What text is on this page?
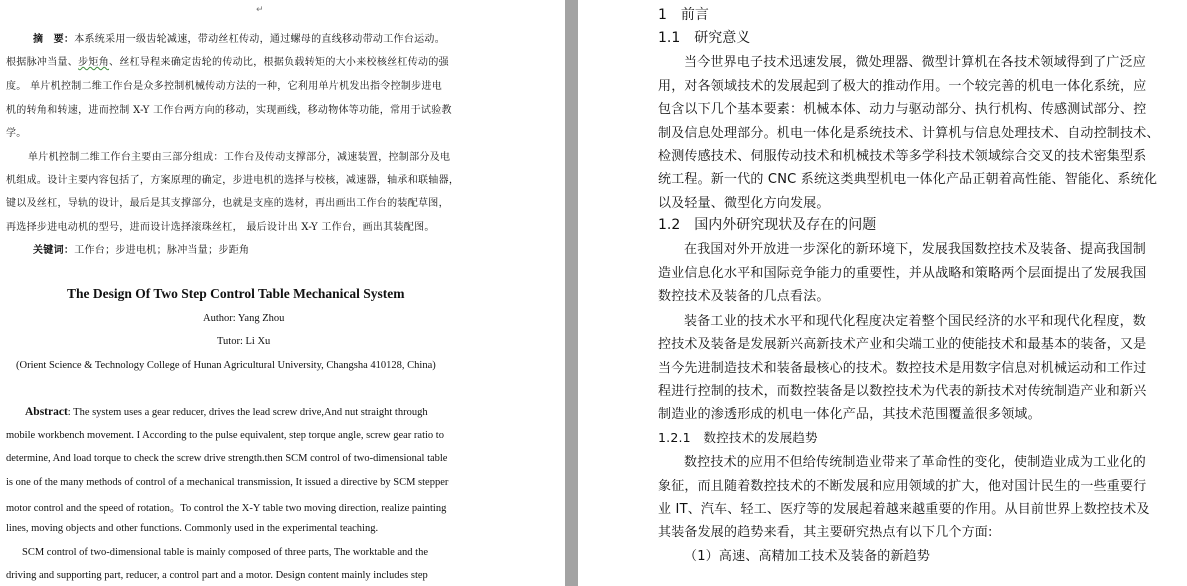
↵
摘　要：本系统采用一级齿轮减速，带动丝杠传动，通过螺母的直线移动带动工作台运动。
根据脉冲当量、步矩角、丝杠导程来确定齿轮的传动比，根据负载转矩的大小来校核丝杠传动的强
度。 单片机控制二维工作台是众多控制机械传动方法的一种，它利用单片机发出指令控制步进电
机的转角和转速，进而控制 X-Y 工作台两方向的移动，实现画线，移动物体等功能，常用于试验教
学。
单片机控制二维工作台主要由三部分组成：工作台及传动支撑部分，减速装置，控制部分及电
机组成。设计主要内容包括了，方案原理的确定，步进电机的选择与校核，减速器，轴承和联轴器，
键以及丝杠，导轨的设计，最后是其支撑部分，也就是支座的选材，再出画出工作台的装配草图，
再选择步进电动机的型号，进而设计选择滚珠丝杠， 最后设计出 X-Y 工作台，画出其装配图。
关键词：工作台；步进电机；脉冲当量；步距角
The Design Of Two Step Control Table Mechanical System
Author: Yang Zhou
Tutor: Li Xu
(Orient Science & Technology College of Hunan Agricultural University, Changsha 410128, China)
Abstract: The system uses a gear reducer, drives the lead screw drive,And nut straight through
mobile workbench movement. I According to the pulse equivalent, step torque angle, screw gear ratio to
determine, And load torque to check the screw drive strength.then SCM control of two-dimensional table
is one of the many methods of control of a mechanical transmission, It issued a directive by SCM stepper
motor control and the speed of rotation。To control the X-Y table two moving direction, realize painting
lines, moving objects and other functions. Commonly used in the experimental teaching.
SCM control of two-dimensional table is mainly composed of three parts, The worktable and the
driving and supporting part, reducer, a control part and a motor. Design content mainly includes step
1　前言
1.1　研究意义
当今世界电子技术迅速发展，微处理器、微型计算机在各技术领域得到了广泛应
用，对各领域技术的发展起到了极大的推动作用。一个较完善的机电一体化系统，应
包含以下几个基本要素：机械本体、动力与驱动部分、执行机构、传感测试部分、控
制及信息处理部分。机电一体化是系统技术、计算机与信息处理技术、自动控制技术、
检测传感技术、伺服传动技术和机械技术等多学科技术领域综合交叉的技术密集型系
统工程。新一代的 CNC 系统这类典型机电一体化产品正朝着高性能、智能化、系统化
以及轻量、微型化方向发展。
1.2　国内外研究现状及存在的问题
在我国对外开放进一步深化的新环境下，发展我国数控技术及装备、提高我国制
造业信息化水平和国际竞争能力的重要性，并从战略和策略两个层面提出了发展我国
数控技术及装备的几点看法。
装备工业的技术水平和现代化程度决定着整个国民经济的水平和现代化程度，数
控技术及装备是发展新兴高新技术产业和尖端工业的使能技术和最基本的装备，又是
当今先进制造技术和装备最核心的技术。数控技术是用数字信息对机械运动和工作过
程进行控制的技术，而数控装备是以数控技术为代表的新技术对传统制造产业和新兴
制造业的渗透形成的机电一体化产品，其技术范围覆盖很多领域。
1.2.1　数控技术的发展趋势
数控技术的应用不但给传统制造业带来了革命性的变化，使制造业成为工业化的
象征，而且随着数控技术的不断发展和应用领域的扩大，他对国计民生的一些重要行
业 IT、汽车、轻工、医疗等的发展起着越来越重要的作用。从目前世界上数控技术及
其装备发展的趋势来看，其主要研究热点有以下几个方面:
（1）高速、高精加工技术及装备的新趋势
